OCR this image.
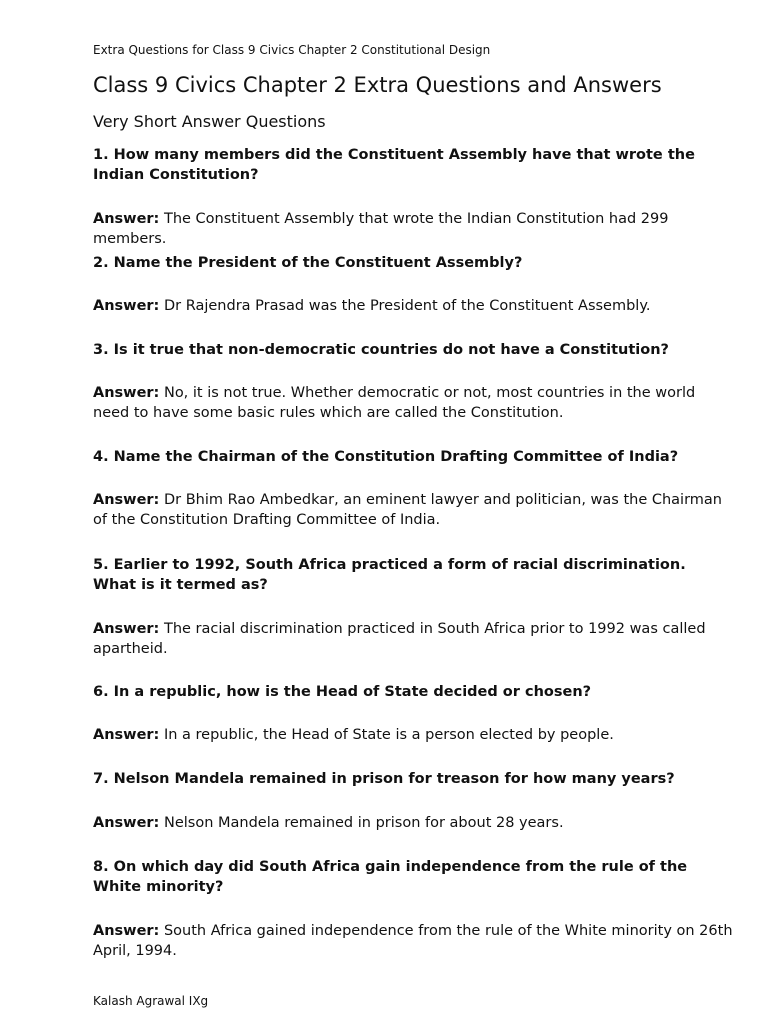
Extra Questions for Class 9 Civics Chapter 2 Constitutional Design
Class 9 Civics Chapter 2 Extra Questions and Answers
Very Short Answer Questions

1. How many members did the Constituent Assembly have that wrote the Indian Constitution?

Answer: The Constituent Assembly that wrote the Indian Constitution had 299 members.

2. Name the President of the Constituent Assembly?

Answer: Dr Rajendra Prasad was the President of the Constituent Assembly.

3. Is it true that non-democratic countries do not have a Constitution?

Answer: No, it is not true. Whether democratic or not, most countries in the world need to have some basic rules which are called the Constitution.

4. Name the Chairman of the Constitution Drafting Committee of India?

Answer: Dr Bhim Rao Ambedkar, an eminent lawyer and politician, was the Chairman of the Constitution Drafting Committee of India.

5. Earlier to 1992, South Africa practiced a form of racial discrimination. What is it termed as?

Answer: The racial discrimination practiced in South Africa prior to 1992 was called apartheid.

6. In a republic, how is the Head of State decided or chosen?

Answer: In a republic, the Head of State is a person elected by people.

7. Nelson Mandela remained in prison for treason for how many years?

Answer: Nelson Mandela remained in prison for about 28 years.

8. On which day did South Africa gain independence from the rule of the White minority?

Answer: South Africa gained independence from the rule of the White minority on 26th April, 1994.

Kalash Agrawal IXg
